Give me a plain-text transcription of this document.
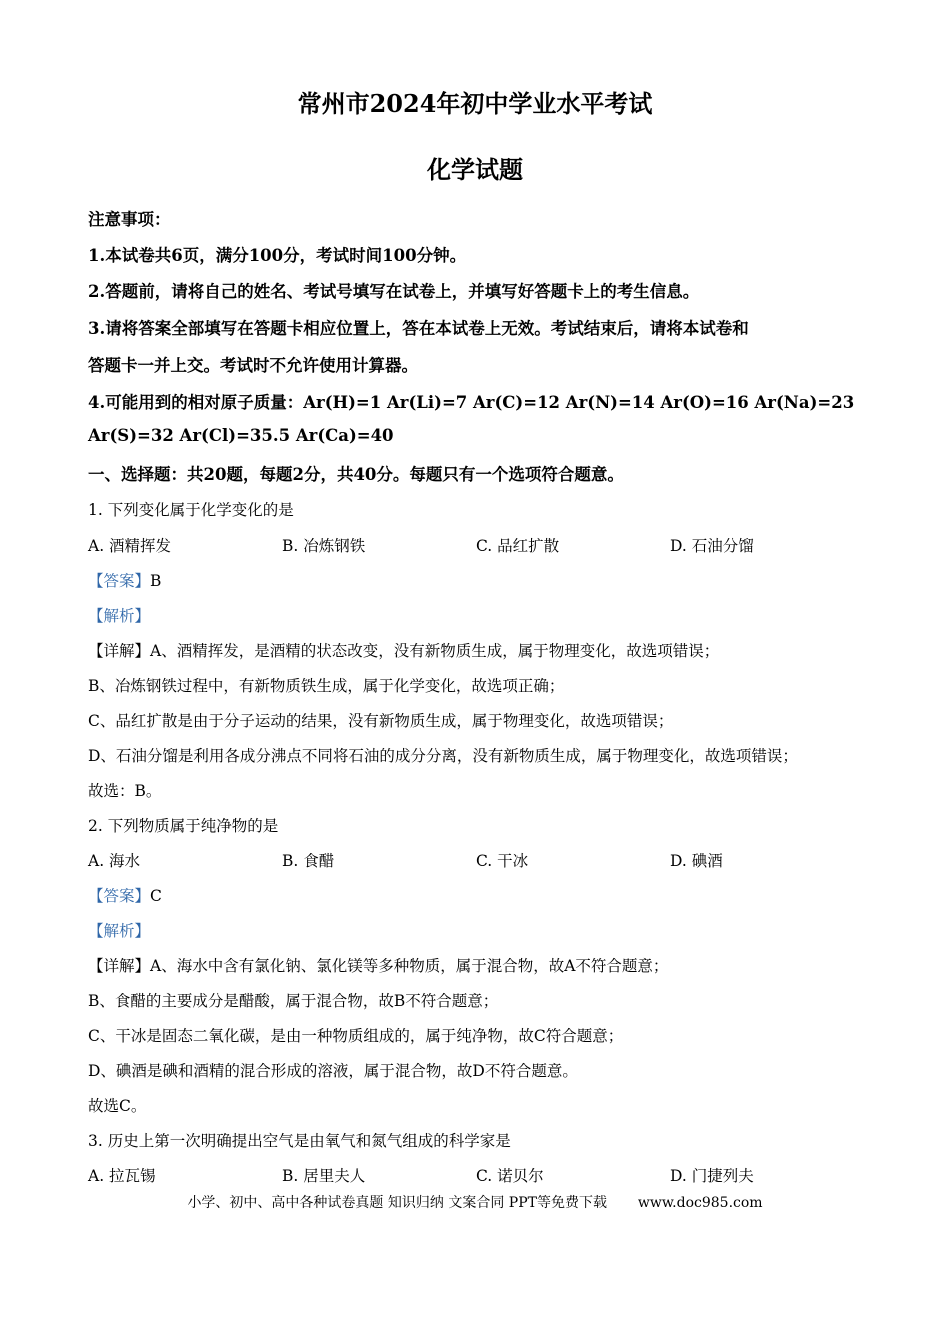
常州市2024年初中学业水平考试
化学试题
注意事项：
1.本试卷共6页，满分100分，考试时间100分钟。
2.答题前，请将自己的姓名、考试号填写在试卷上，并填写好答题卡上的考生信息。
3.请将答案全部填写在答题卡相应位置上，答在本试卷上无效。考试结束后，请将本试卷和
答题卡一并上交。考试时不允许使用计算器。
4.可能用到的相对原子质量：Ar(H)=1 Ar(Li)=7 Ar(C)=12 Ar(N)=14 Ar(O)=16 Ar(Na)=23
Ar(S)=32 Ar(Cl)=35.5 Ar(Ca)=40
一、选择题：共20题，每题2分，共40分。每题只有一个选项符合题意。
1. 下列变化属于化学变化的是
A. 酒精挥发	B. 冶炼钢铁	C. 品红扩散	D. 石油分馏
【答案】B
【解析】
【详解】A、酒精挥发，是酒精的状态改变，没有新物质生成，属于物理变化，故选项错误；
B、冶炼钢铁过程中，有新物质铁生成，属于化学变化，故选项正确；
C、品红扩散是由于分子运动的结果，没有新物质生成，属于物理变化，故选项错误；
D、石油分馏是利用各成分沸点不同将石油的成分分离，没有新物质生成，属于物理变化，故选项错误；
故选：B。
2. 下列物质属于纯净物的是
A. 海水	B. 食醋	C. 干冰	D. 碘酒
【答案】C
【解析】
【详解】A、海水中含有氯化钠、氯化镁等多种物质，属于混合物，故A不符合题意；
B、食醋的主要成分是醋酸，属于混合物，故B不符合题意；
C、干冰是固态二氧化碳，是由一种物质组成的，属于纯净物，故C符合题意；
D、碘酒是碘和酒精的混合形成的溶液，属于混合物，故D不符合题意。
故选C。
3. 历史上第一次明确提出空气是由氧气和氮气组成的科学家是
A. 拉瓦锡	B. 居里夫人	C. 诺贝尔	D. 门捷列夫
小学、初中、高中各种试卷真题 知识归纳 文案合同 PPT等免费下载 www.doc985.com
